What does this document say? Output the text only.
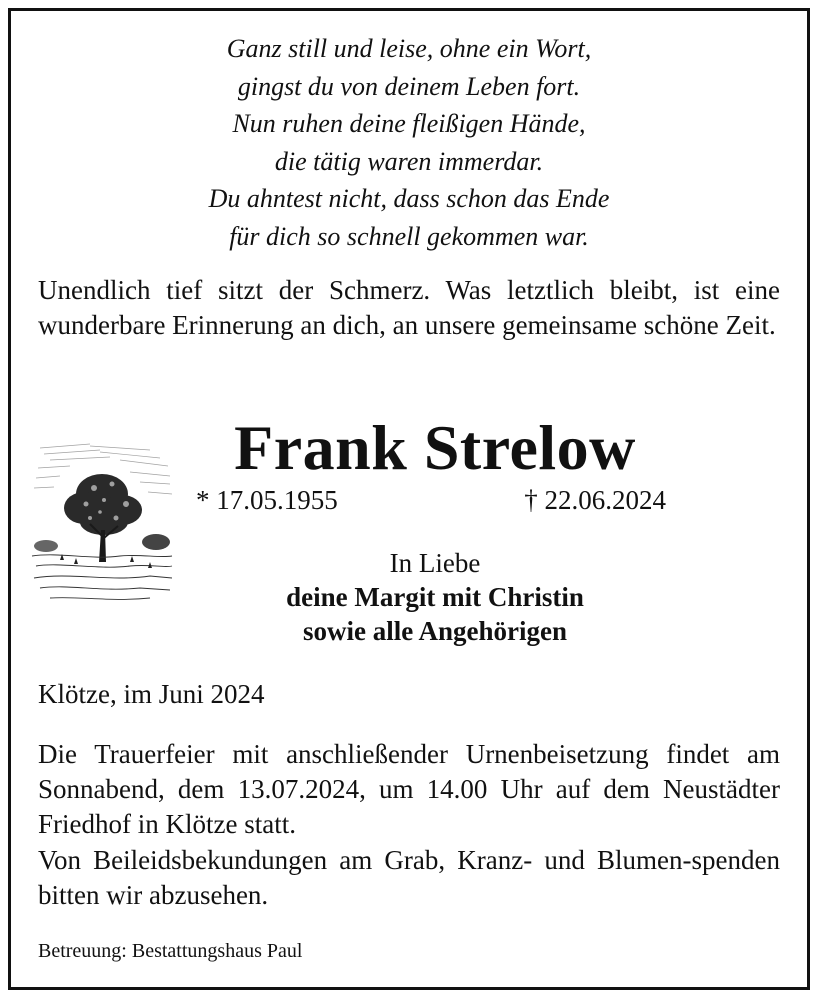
Ganz still und leise, ohne ein Wort,
gingst du von deinem Leben fort.
Nun ruhen deine fleißigen Hände,
die tätig waren immerdar.
Du ahntest nicht, dass schon das Ende
für dich so schnell gekommen war.
Unendlich tief sitzt der Schmerz. Was letztlich bleibt, ist eine wunderbare Erinnerung an dich, an unsere gemeinsame schöne Zeit.
Frank Strelow
* 17.05.1955	† 22.06.2024
In Liebe
deine Margit mit Christin
sowie alle Angehörigen
Klötze, im Juni 2024
Die Trauerfeier mit anschließender Urnenbeisetzung findet am Sonnabend, dem 13.07.2024, um 14.00 Uhr auf dem Neustädter Friedhof in Klötze statt.
Von Beileidsbekundungen am Grab, Kranz- und Blumen-spenden bitten wir abzusehen.
Betreuung: Bestattungshaus Paul
